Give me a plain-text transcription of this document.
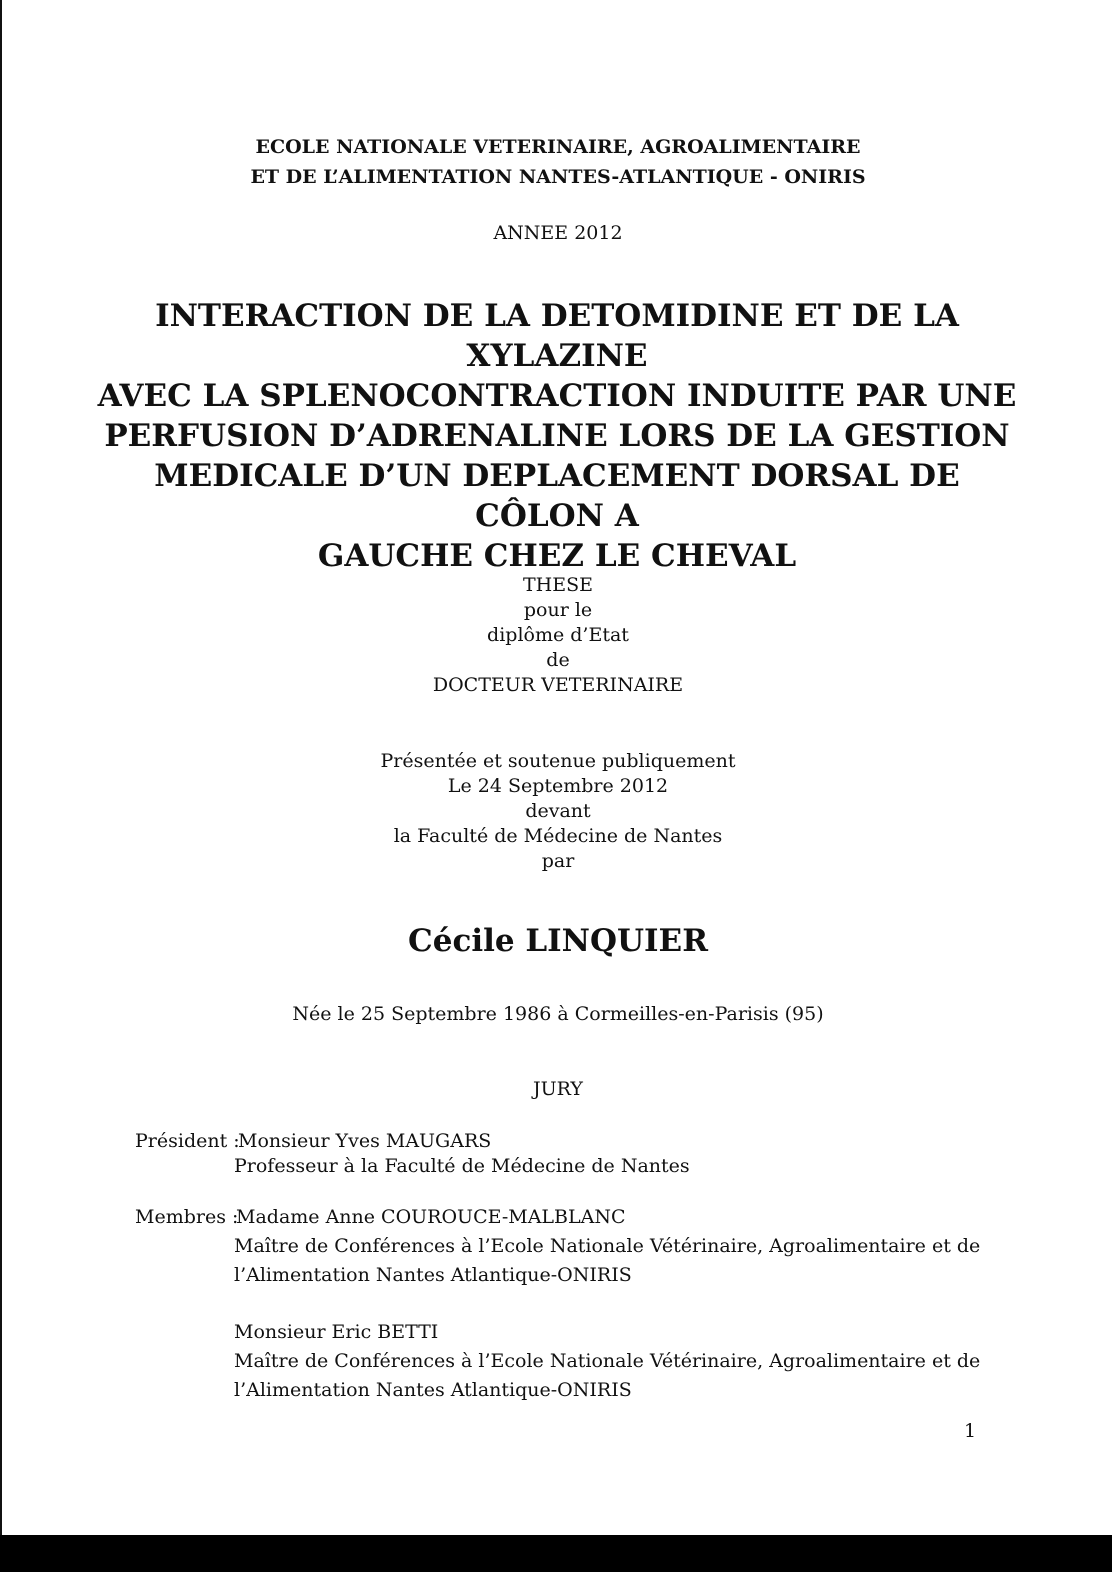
ECOLE NATIONALE VETERINAIRE, AGROALIMENTAIRE
ET DE L’ALIMENTATION NANTES-ATLANTIQUE - ONIRIS
ANNEE 2012
INTERACTION DE LA DETOMIDINE ET DE LA XYLAZINE
AVEC LA SPLENOCONTRACTION INDUITE PAR UNE
PERFUSION D’ADRENALINE LORS DE LA GESTION
MEDICALE D’UN DEPLACEMENT DORSAL DE CÔLON A
GAUCHE CHEZ LE CHEVAL
THESE
pour le
diplôme d’Etat
de
DOCTEUR VETERINAIRE
Présentée et soutenue publiquement
Le 24 Septembre 2012
devant
la Faculté de Médecine de Nantes
par
Cécile LINQUIER
Née le 25 Septembre 1986 à Cormeilles-en-Parisis (95)
JURY
Président :
Monsieur Yves MAUGARS
Professeur à la Faculté de Médecine de Nantes
Membres :
Madame Anne COUROUCE-MALBLANC
Maître de Conférences à l’Ecole Nationale Vétérinaire, Agroalimentaire et de
l’Alimentation Nantes Atlantique-ONIRIS
Monsieur Eric BETTI
Maître de Conférences à l’Ecole Nationale Vétérinaire, Agroalimentaire et de
l’Alimentation Nantes Atlantique-ONIRIS
1
